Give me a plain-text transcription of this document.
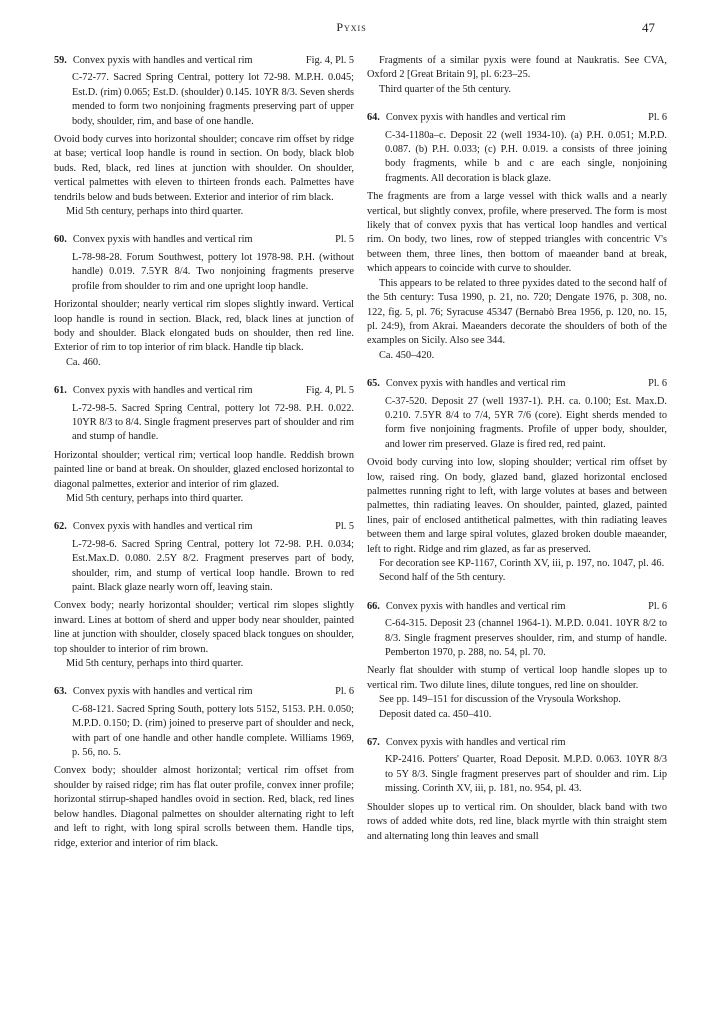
Pyxis	47
59. Convex pyxis with handles and vertical rim	Fig. 4, Pl. 5

C-72-77. Sacred Spring Central, pottery lot 72-98. M.P.H. 0.045; Est.D. (rim) 0.065; Est.D. (shoulder) 0.145. 10YR 8/3. Seven sherds mended to form two nonjoining fragments preserving part of upper body, shoulder, rim, and base of one handle.

Ovoid body curves into horizontal shoulder; concave rim offset by ridge at base; vertical loop handle is round in section. On body, black blob buds. Red, black, red lines at junction with shoulder. On shoulder, vertical palmettes with eleven to thirteen fronds each. Palmettes have tendrils below and buds between. Exterior and interior of rim black.

Mid 5th century, perhaps into third quarter.

60. Convex pyxis with handles and vertical rim	Pl. 5

L-78-98-28. Forum Southwest, pottery lot 1978-98. P.H. (without handle) 0.019. 7.5YR 8/4. Two nonjoining fragments preserve profile from shoulder to rim and one upright loop handle.

Horizontal shoulder; nearly vertical rim slopes slightly inward. Vertical loop handle is round in section. Black, red, black lines at junction of body and shoulder. Black elongated buds on shoulder, then red line. Exterior of rim to top interior of rim black. Handle tip black.

Ca. 460.

61. Convex pyxis with handles and vertical rim	Fig. 4, Pl. 5

L-72-98-5. Sacred Spring Central, pottery lot 72-98. P.H. 0.022. 10YR 8/3 to 8/4. Single fragment preserves part of shoulder and rim and stump of handle.

Horizontal shoulder; vertical rim; vertical loop handle. Reddish brown painted line or band at break. On shoulder, glazed enclosed horizontal to diagonal palmettes, exterior and interior of rim glazed.

Mid 5th century, perhaps into third quarter.

62. Convex pyxis with handles and vertical rim	Pl. 5

L-72-98-6. Sacred Spring Central, pottery lot 72-98. P.H. 0.034; Est.Max.D. 0.080. 2.5Y 8/2. Fragment preserves part of body, shoulder, rim, and stump of vertical loop handle. Brown to red paint. Black glaze nearly worn off, leaving stain.

Convex body; nearly horizontal shoulder; vertical rim slopes slightly inward. Lines at bottom of sherd and upper body near shoulder, painted line at junction with shoulder, closely spaced black tongues on shoulder, top shoulder to interior of rim brown.

Mid 5th century, perhaps into third quarter.

63. Convex pyxis with handles and vertical rim	Pl. 6

C-68-121. Sacred Spring South, pottery lots 5152, 5153. P.H. 0.050; M.P.D. 0.150; D. (rim) joined to preserve part of shoulder and neck, with part of one handle and other handle complete. Williams 1969, p. 56, no. 5.

Convex body; shoulder almost horizontal; vertical rim offset from shoulder by raised ridge; rim has flat outer profile, convex inner profile; horizontal stirrup-shaped handles ovoid in section. Red, black, red lines below handles. Diagonal palmettes on shoulder alternating right to left and left to right, with long spiral scrolls between them. Handle tips, ridge, exterior and interior of rim black.

Fragments of a similar pyxis were found at Naukratis. See CVA, Oxford 2 [Great Britain 9], pl. 6:23–25.

Third quarter of the 5th century.

64. Convex pyxis with handles and vertical rim	Pl. 6

C-34-1180a–c. Deposit 22 (well 1934-10). (a) P.H. 0.051; M.P.D. 0.087. (b) P.H. 0.033; (c) P.H. 0.019. a consists of three joining body fragments, while b and c are each single, nonjoining fragments. All decoration is black glaze.

The fragments are from a large vessel with thick walls and a nearly vertical, but slightly convex, profile, where preserved. The form is most likely that of convex pyxis that has vertical loop handles and vertical rim. On body, two lines, row of stepped triangles with concentric V's between them, three lines, then bottom of maeander band at break, which appears to coincide with curve to shoulder.

This appears to be related to three pyxides dated to the second half of the 5th century: Tusa 1990, p. 21, no. 720; Dengate 1976, p. 308, no. 122, fig. 5, pl. 76; Syracuse 45347 (Bernabò Brea 1956, p. 120, no. 15, pl. 24:9), from Akrai. Maeanders decorate the shoulders of both of the examples on Sicily. Also see 344.

Ca. 450–420.

65. Convex pyxis with handles and vertical rim	Pl. 6

C-37-520. Deposit 27 (well 1937-1). P.H. ca. 0.100; Est. Max.D. 0.210. 7.5YR 8/4 to 7/4, 5YR 7/6 (core). Eight sherds mended to form five nonjoining fragments. Profile of upper body, shoulder, and lower rim preserved. Glaze is fired red, red paint.

Ovoid body curving into low, sloping shoulder; vertical rim offset by low, raised ring. On body, glazed band, glazed horizontal enclosed palmettes running right to left, with large volutes at bases and between palmettes, thin radiating leaves. On shoulder, painted, glazed, painted lines, pair of enclosed antithetical palmettes, with thin radiating leaves between them and large spiral volutes, glazed broken double maeander, left to right. Ridge and rim glazed, as far as preserved.

For decoration see KP-1167, Corinth XV, iii, p. 197, no. 1047, pl. 46.

Second half of the 5th century.

66. Convex pyxis with handles and vertical rim	Pl. 6

C-64-315. Deposit 23 (channel 1964-1). M.P.D. 0.041. 10YR 8/2 to 8/3. Single fragment preserves shoulder, rim, and stump of handle. Pemberton 1970, p. 288, no. 54, pl. 70.

Nearly flat shoulder with stump of vertical loop handle slopes up to vertical rim. Two dilute lines, dilute tongues, red line on shoulder.

See pp. 149–151 for discussion of the Vrysoula Workshop.

Deposit dated ca. 450–410.

67. Convex pyxis with handles and vertical rim

KP-2416. Potters' Quarter, Road Deposit. M.P.D. 0.063. 10YR 8/3 to 5Y 8/3. Single fragment preserves part of shoulder and rim. Lip missing. Corinth XV, iii, p. 181, no. 954, pl. 43.

Shoulder slopes up to vertical rim. On shoulder, black band with two rows of added white dots, red line, black myrtle with thin straight stem and alternating long thin leaves and small
